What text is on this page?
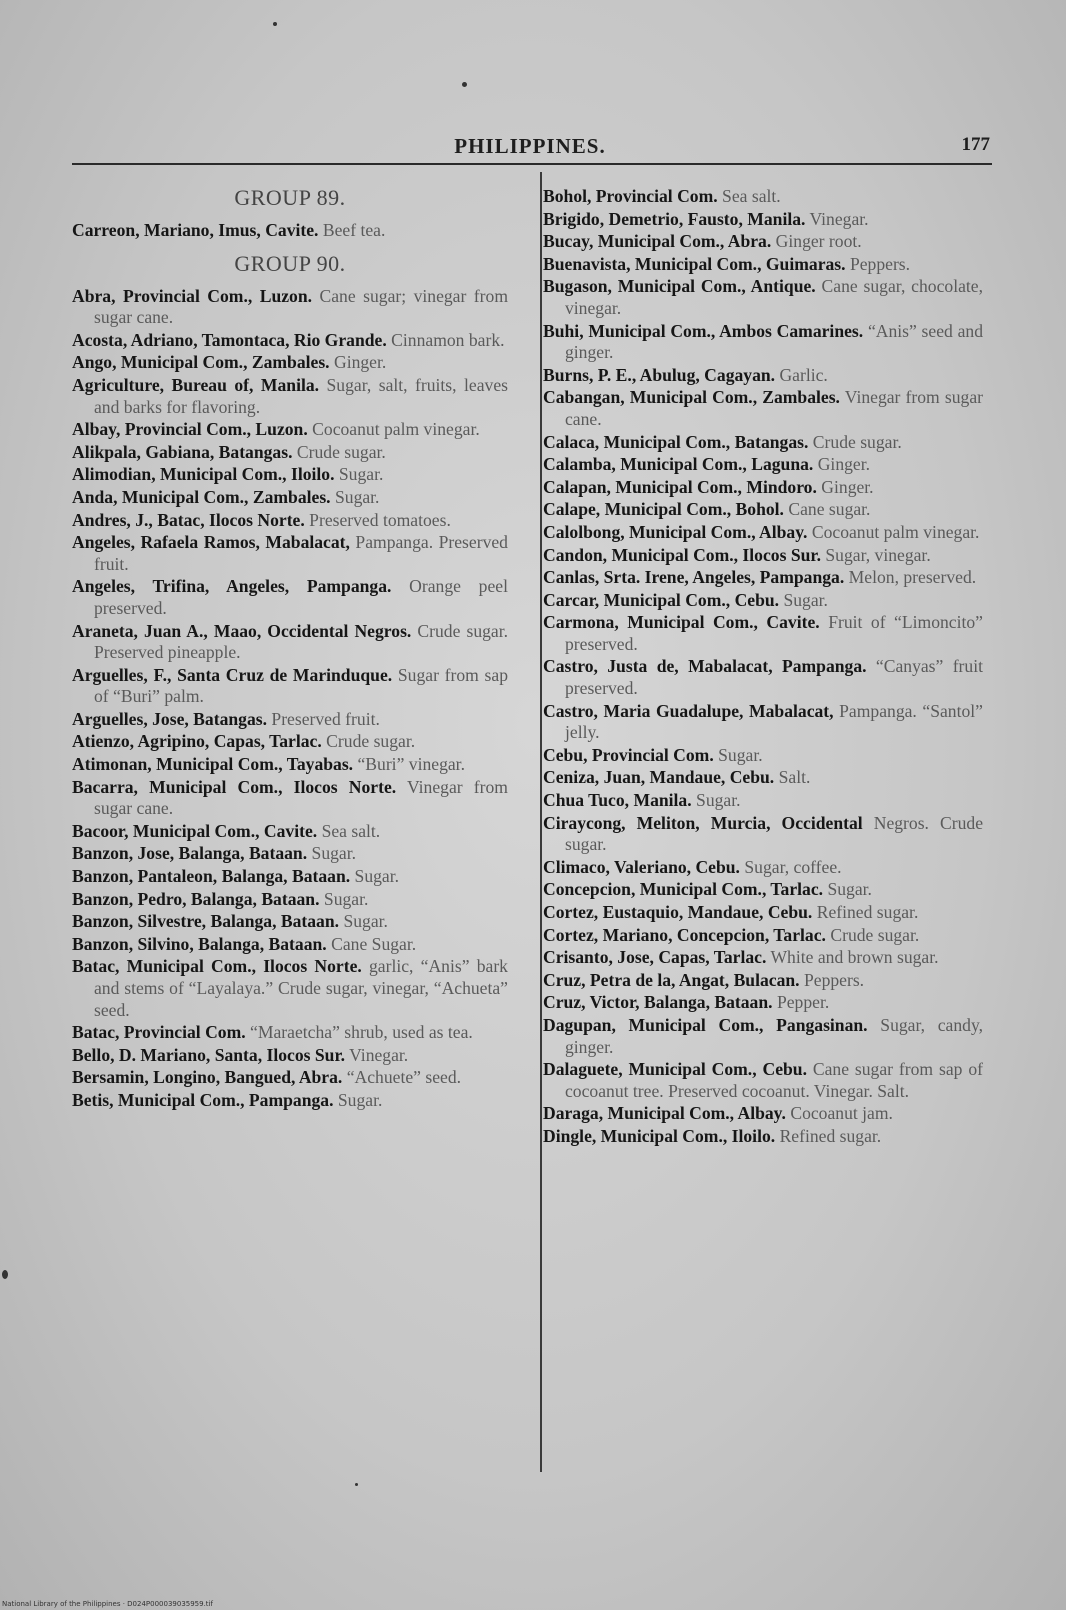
PHILIPPINES.	177
GROUP 89.

Carreon, Mariano, Imus, Cavite. Beef tea.

GROUP 90.

Abra, Provincial Com., Luzon. Cane sugar; vinegar from sugar cane.

Acosta, Adriano, Tamontaca, Rio Grande. Cinnamon bark.

Ango, Municipal Com., Zambales. Ginger.

Agriculture, Bureau of, Manila. Sugar, salt, fruits, leaves and barks for flavoring.

Albay, Provincial Com., Luzon. Cocoanut palm vinegar.

Alikpala, Gabiana, Batangas. Crude sugar.

Alimodian, Municipal Com., Iloilo. Sugar.

Anda, Municipal Com., Zambales. Sugar.

Andres, J., Batac, Ilocos Norte. Preserved tomatoes.

Angeles, Rafaela Ramos, Mabalacat, Pampanga. Preserved fruit.

Angeles, Trifina, Angeles, Pampanga. Orange peel preserved.

Araneta, Juan A., Maao, Occidental Negros. Crude sugar. Preserved pineapple.

Arguelles, F., Santa Cruz de Marinduque. Sugar from sap of “Buri” palm.

Arguelles, Jose, Batangas. Preserved fruit.

Atienzo, Agripino, Capas, Tarlac. Crude sugar.

Atimonan, Municipal Com., Tayabas. “Buri” vinegar.

Bacarra, Municipal Com., Ilocos Norte. Vinegar from sugar cane.

Bacoor, Municipal Com., Cavite. Sea salt.

Banzon, Jose, Balanga, Bataan. Sugar.

Banzon, Pantaleon, Balanga, Bataan. Sugar.

Banzon, Pedro, Balanga, Bataan. Sugar.

Banzon, Silvestre, Balanga, Bataan. Sugar.

Banzon, Silvino, Balanga, Bataan. Cane Sugar.

Batac, Municipal Com., Ilocos Norte. garlic, “Anis” bark and stems of “Layalaya.” Crude sugar, vinegar, “Achueta” seed.

Batac, Provincial Com. “Maraetcha” shrub, used as tea.

Bello, D. Mariano, Santa, Ilocos Sur. Vinegar.

Bersamin, Longino, Bangued, Abra. “Achuete” seed.

Betis, Municipal Com., Pampanga. Sugar.

Bohol, Provincial Com. Sea salt.

Brigido, Demetrio, Fausto, Manila. Vinegar.

Bucay, Municipal Com., Abra. Ginger root.

Buenavista, Municipal Com., Guimaras. Peppers.

Bugason, Municipal Com., Antique. Cane sugar, chocolate, vinegar.

Buhi, Municipal Com., Ambos Camarines. “Anis” seed and ginger.

Burns, P. E., Abulug, Cagayan. Garlic.

Cabangan, Municipal Com., Zambales. Vinegar from sugar cane.

Calaca, Municipal Com., Batangas. Crude sugar.

Calamba, Municipal Com., Laguna. Ginger.

Calapan, Municipal Com., Mindoro. Ginger.

Calape, Municipal Com., Bohol. Cane sugar.

Calolbong, Municipal Com., Albay. Cocoanut palm vinegar.

Candon, Municipal Com., Ilocos Sur. Sugar, vinegar.

Canlas, Srta. Irene, Angeles, Pampanga. Melon, preserved.

Carcar, Municipal Com., Cebu. Sugar.

Carmona, Municipal Com., Cavite. Fruit of “Limoncito” preserved.

Castro, Justa de, Mabalacat, Pampanga. “Canyas” fruit preserved.

Castro, Maria Guadalupe, Mabalacat, Pampanga. “Santol” jelly.

Cebu, Provincial Com. Sugar.

Ceniza, Juan, Mandaue, Cebu. Salt.

Chua Tuco, Manila. Sugar.

Ciraycong, Meliton, Murcia, Occidental Negros. Crude sugar.

Climaco, Valeriano, Cebu. Sugar, coffee.

Concepcion, Municipal Com., Tarlac. Sugar.

Cortez, Eustaquio, Mandaue, Cebu. Refined sugar.

Cortez, Mariano, Concepcion, Tarlac. Crude sugar.

Crisanto, Jose, Capas, Tarlac. White and brown sugar.

Cruz, Petra de la, Angat, Bulacan. Peppers.

Cruz, Victor, Balanga, Bataan. Pepper.

Dagupan, Municipal Com., Pangasinan. Sugar, candy, ginger.

Dalaguete, Municipal Com., Cebu. Cane sugar from sap of cocoanut tree. Preserved cocoanut. Vinegar. Salt.

Daraga, Municipal Com., Albay. Cocoanut jam.

Dingle, Municipal Com., Iloilo. Refined sugar.

National Library of the Philippines · D024P000039035959.tif
